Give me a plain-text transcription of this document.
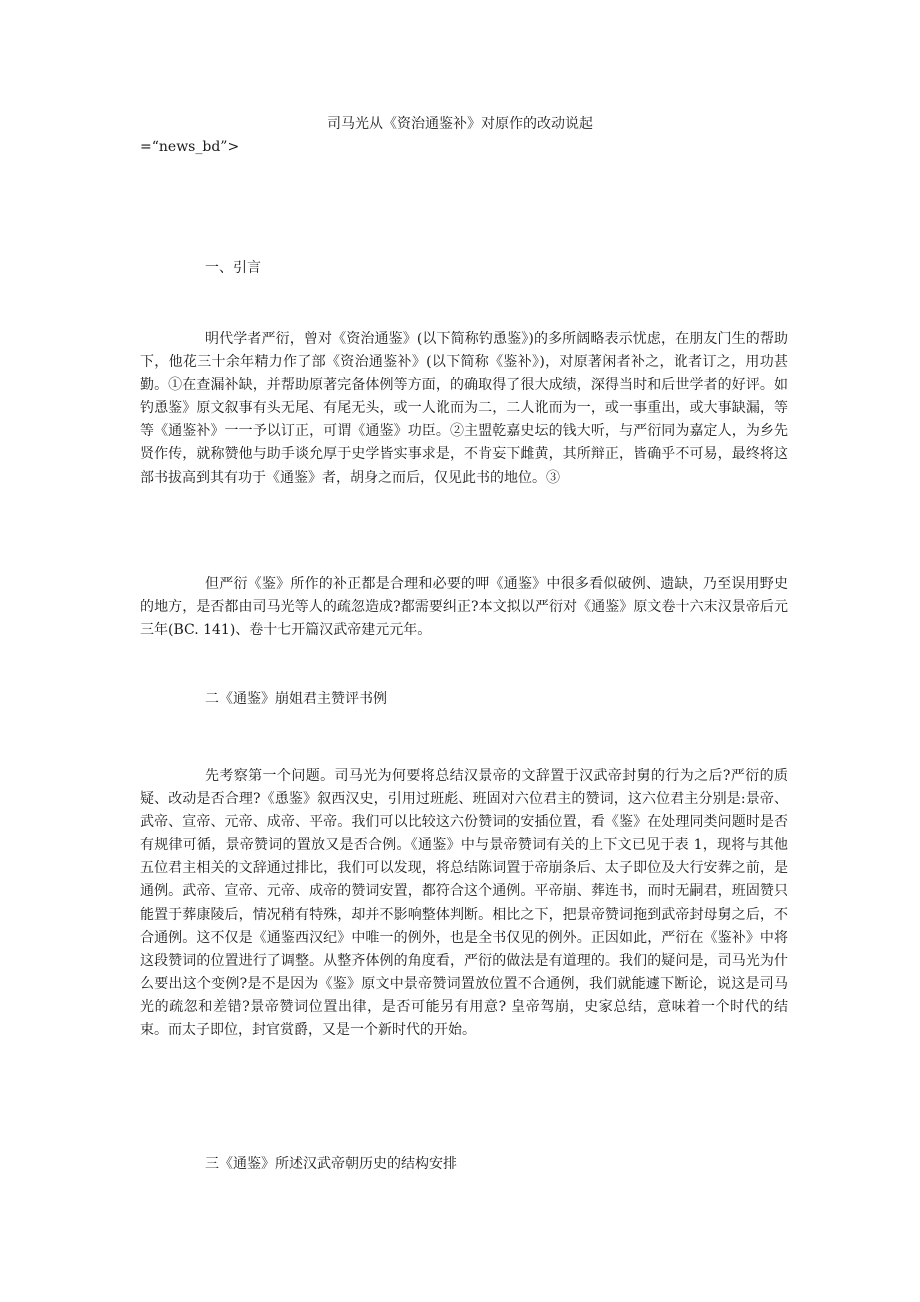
司马光从《资治通鉴补》对原作的改动说起
=“news_bd”>
一、引言
明代学者严衍，曾对《资治通鉴》(以下简称钓恿鉴》)的多所阔略表示忧虑，在朋友门生的帮助下，他花三十余年精力作了部《资治通鉴补》(以下简称《鉴补》)，对原著闲者补之，讹者订之，用功甚勤。①在查漏补缺，并帮助原著完备体例等方面，的确取得了很大成绩，深得当时和后世学者的好评。如钓恿鉴》原文叙事有头无尾、有尾无头，或一人讹而为二，二人讹而为一，或一事重出，或大事缺漏，等等《通鉴补》一一予以订正，可谓《通鉴》功臣。②主盟乾嘉史坛的钱大听，与严衍同为嘉定人，为乡先贤作传，就称赞他与助手谈允厚于史学皆实事求是，不肯妄下雌黄，其所辩正，皆确乎不可易，最终将这部书拔高到其有功于《通鉴》者，胡身之而后，仅见此书的地位。③
但严衍《鉴》所作的补正都是合理和必要的呷《通鉴》中很多看似破例、遗缺，乃至误用野史的地方，是否都由司马光等人的疏忽造成?都需要纠正?本文拟以严衍对《通鉴》原文卷十六末汉景帝后元三年(BC. 141)、卷十七开篇汉武帝建元元年。
二《通鉴》崩姐君主赞评书例
先考察第一个问题。司马光为何要将总结汉景帝的文辞置于汉武帝封舅的行为之后?严衍的质疑、改动是否合理?《恿鉴》叙西汉史，引用过班彪、班固对六位君主的赞词，这六位君主分别是:景帝、武帝、宣帝、元帝、成帝、平帝。我们可以比较这六份赞词的安插位置，看《鉴》在处理同类问题时是否有规律可循，景帝赞词的置放又是否合例。《通鉴》中与景帝赞词有关的上下文已见于表 1，现将与其他五位君主相关的文辞通过排比，我们可以发现，将总结陈词置于帝崩条后、太子即位及大行安葬之前，是通例。武帝、宣帝、元帝、成帝的赞词安置，都符合这个通例。平帝崩、葬连书，而时无嗣君，班固赞只能置于葬康陵后，情况稍有特殊，却并不影响整体判断。相比之下，把景帝赞词拖到武帝封母舅之后，不合通例。这不仅是《通鉴西汉纪》中唯一的例外，也是全书仅见的例外。正因如此，严衍在《鉴补》中将这段赞词的位置进行了调整。从整齐体例的角度看，严衍的做法是有道理的。我们的疑问是，司马光为什么要出这个变例?是不是因为《鉴》原文中景帝赞词置放位置不合通例，我们就能遽下断论，说这是司马光的疏忽和差错?景帝赞词位置出律，是否可能另有用意? 皇帝驾崩，史家总结，意味着一个时代的结束。而太子即位，封官赏爵，又是一个新时代的开始。
三《通鉴》所述汉武帝朝历史的结构安排
